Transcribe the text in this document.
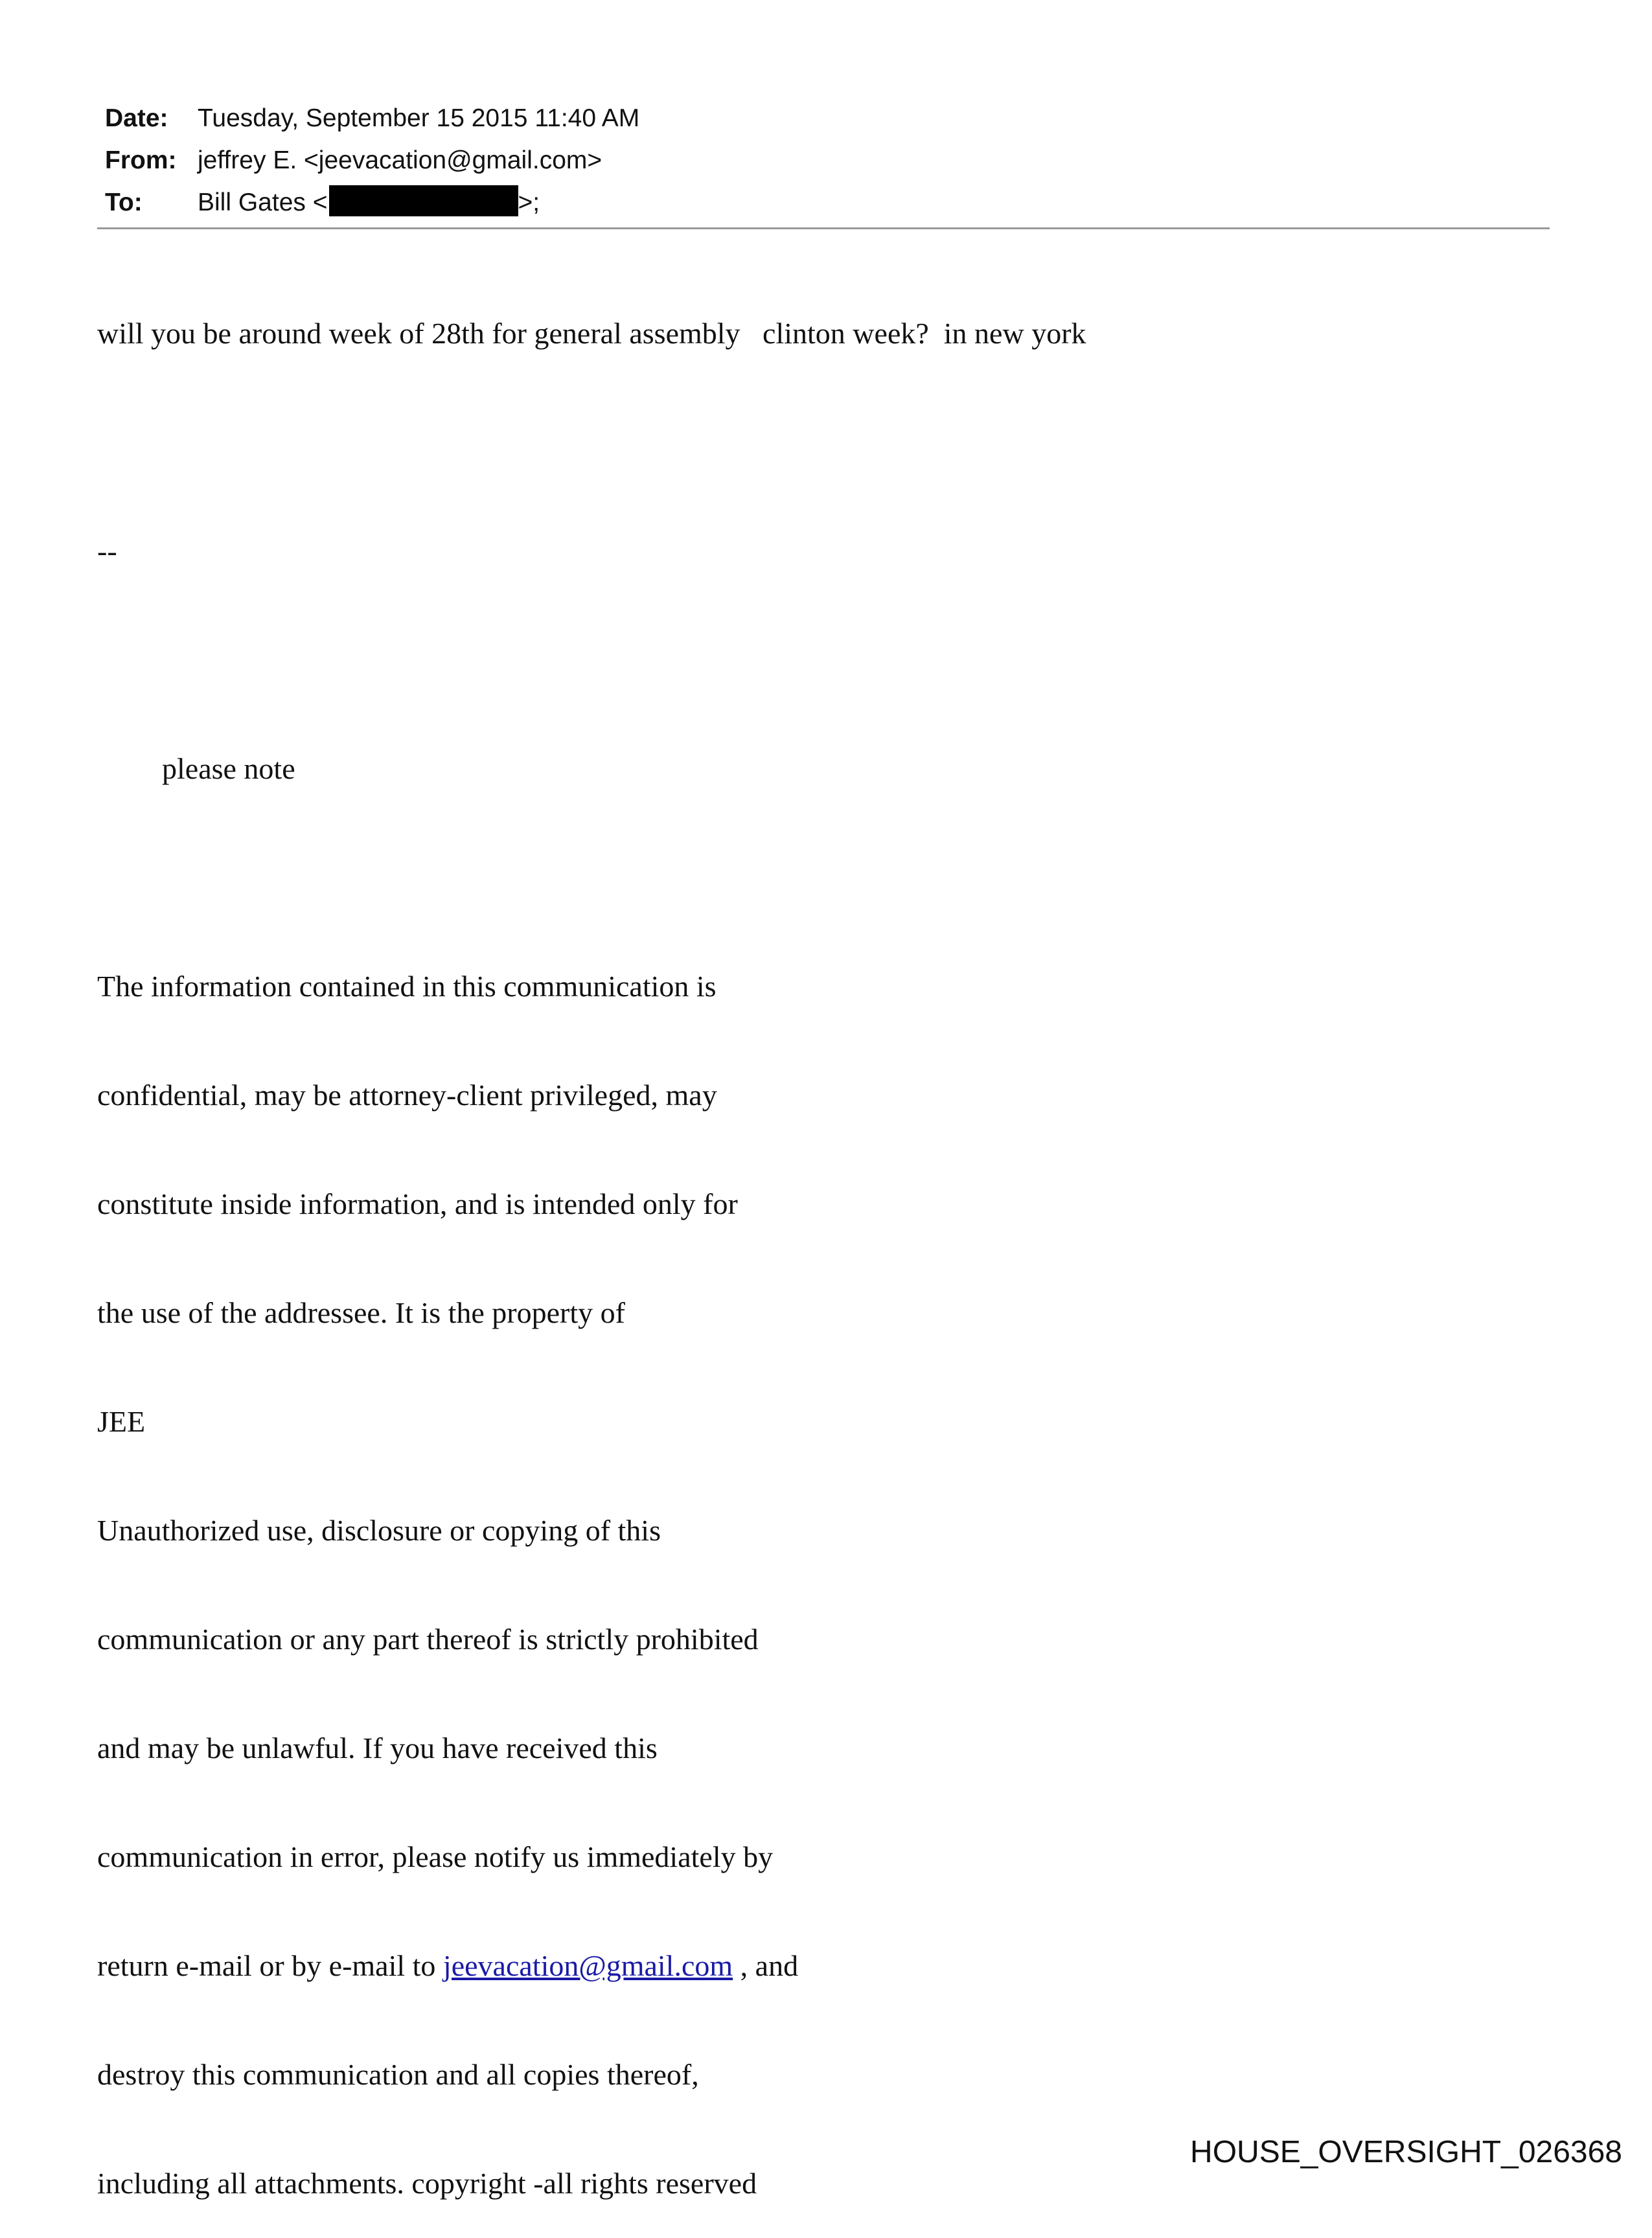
Date: Tuesday, September 15 2015 11:40 AM
From: jeffrey E. <jeevacation@gmail.com>
To: Bill Gates <	>;

will you be around week of 28th for general assembly   clinton week?  in new york

--

please note

The information contained in this communication is

confidential, may be attorney-client privileged, may

constitute inside information, and is intended only for

the use of the addressee. It is the property of

JEE

Unauthorized use, disclosure or copying of this

communication or any part thereof is strictly prohibited

and may be unlawful. If you have received this

communication in error, please notify us immediately by

return e-mail or by e-mail to jeevacation@gmail.com , and

destroy this communication and all copies thereof,

including all attachments. copyright -all rights reserved

HOUSE_OVERSIGHT_026368
